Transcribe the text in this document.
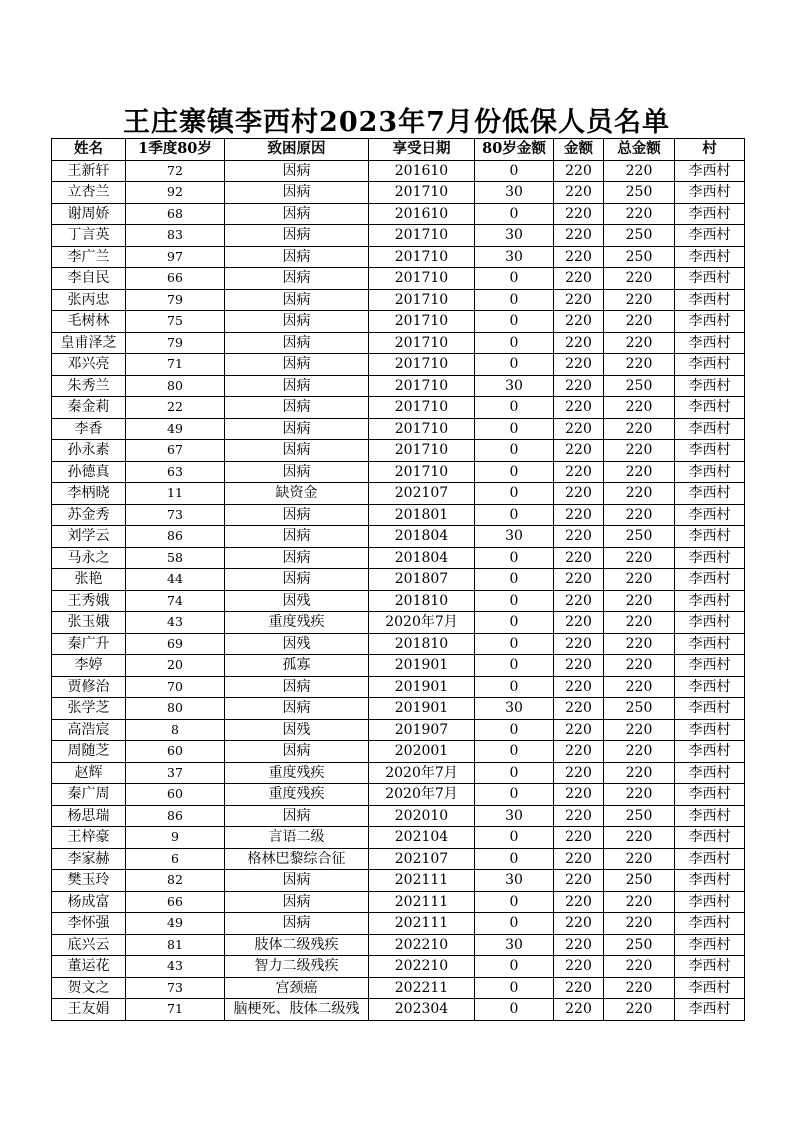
王庄寨镇李西村2023年7月份低保人员名单
姓名	1季度80岁	致困原因	享受日期	80岁金额	金额	总金额	村
王新轩	72	因病	201610	0	220	220	李西村
立杏兰	92	因病	201710	30	220	250	李西村
谢周娇	68	因病	201610	0	220	220	李西村
丁言英	83	因病	201710	30	220	250	李西村
李广兰	97	因病	201710	30	220	250	李西村
李自民	66	因病	201710	0	220	220	李西村
张丙忠	79	因病	201710	0	220	220	李西村
毛树林	75	因病	201710	0	220	220	李西村
皇甫泽芝	79	因病	201710	0	220	220	李西村
邓兴亮	71	因病	201710	0	220	220	李西村
朱秀兰	80	因病	201710	30	220	250	李西村
秦金莉	22	因病	201710	0	220	220	李西村
李香	49	因病	201710	0	220	220	李西村
孙永素	67	因病	201710	0	220	220	李西村
孙德真	63	因病	201710	0	220	220	李西村
李柄晓	11	缺资金	202107	0	220	220	李西村
苏金秀	73	因病	201801	0	220	220	李西村
刘学云	86	因病	201804	30	220	250	李西村
马永之	58	因病	201804	0	220	220	李西村
张艳	44	因病	201807	0	220	220	李西村
王秀娥	74	因残	201810	0	220	220	李西村
张玉娥	43	重度残疾	2020年7月	0	220	220	李西村
秦广升	69	因残	201810	0	220	220	李西村
李婷	20	孤寡	201901	0	220	220	李西村
贾修治	70	因病	201901	0	220	220	李西村
张学芝	80	因病	201901	30	220	250	李西村
高浩宸	8	因残	201907	0	220	220	李西村
周随芝	60	因病	202001	0	220	220	李西村
赵辉	37	重度残疾	2020年7月	0	220	220	李西村
秦广周	60	重度残疾	2020年7月	0	220	220	李西村
杨思瑞	86	因病	202010	30	220	250	李西村
王梓豪	9	言语二级	202104	0	220	220	李西村
李家赫	6	格林巴黎综合征	202107	0	220	220	李西村
樊玉玲	82	因病	202111	30	220	250	李西村
杨成富	66	因病	202111	0	220	220	李西村
李怀强	49	因病	202111	0	220	220	李西村
底兴云	81	肢体二级残疾	202210	30	220	250	李西村
董运花	43	智力二级残疾	202210	0	220	220	李西村
贺文之	73	宫颈癌	202211	0	220	220	李西村
王友娟	71	脑梗死、肢体二级残	202304	0	220	220	李西村
